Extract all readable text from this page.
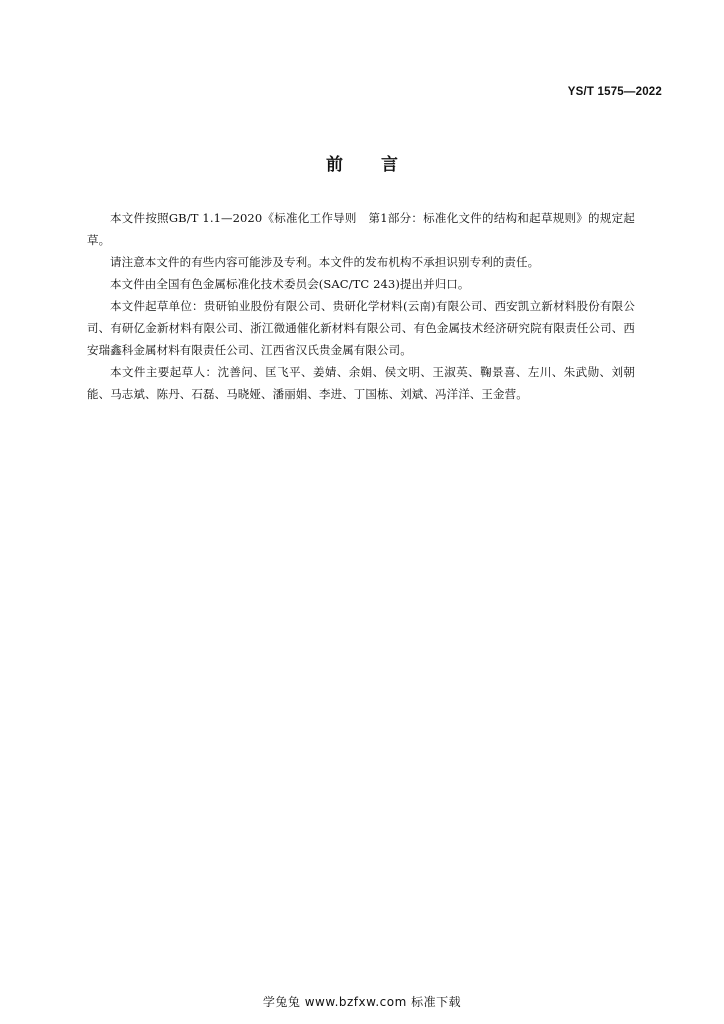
YS/T 1575—2022
前言

本文件按照GB/T 1.1—2020《标准化工作导则　第1部分：标准化文件的结构和起草规则》的规定起草。

请注意本文件的有些内容可能涉及专利。本文件的发布机构不承担识别专利的责任。

本文件由全国有色金属标准化技术委员会(SAC/TC 243)提出并归口。

本文件起草单位：贵研铂业股份有限公司、贵研化学材料(云南)有限公司、西安凯立新材料股份有限公司、有研亿金新材料有限公司、浙江微通催化新材料有限公司、有色金属技术经济研究院有限责任公司、西安瑞鑫科金属材料有限责任公司、江西省汉氏贵金属有限公司。

本文件主要起草人：沈善问、匡飞平、姜婧、余娟、侯文明、王淑英、鞠景喜、左川、朱武勋、刘朝能、马志斌、陈丹、石磊、马晓娅、潘丽娟、李进、丁国栋、刘斌、冯洋洋、王金营。

学兔兔 www.bzfxw.com 标准下载
